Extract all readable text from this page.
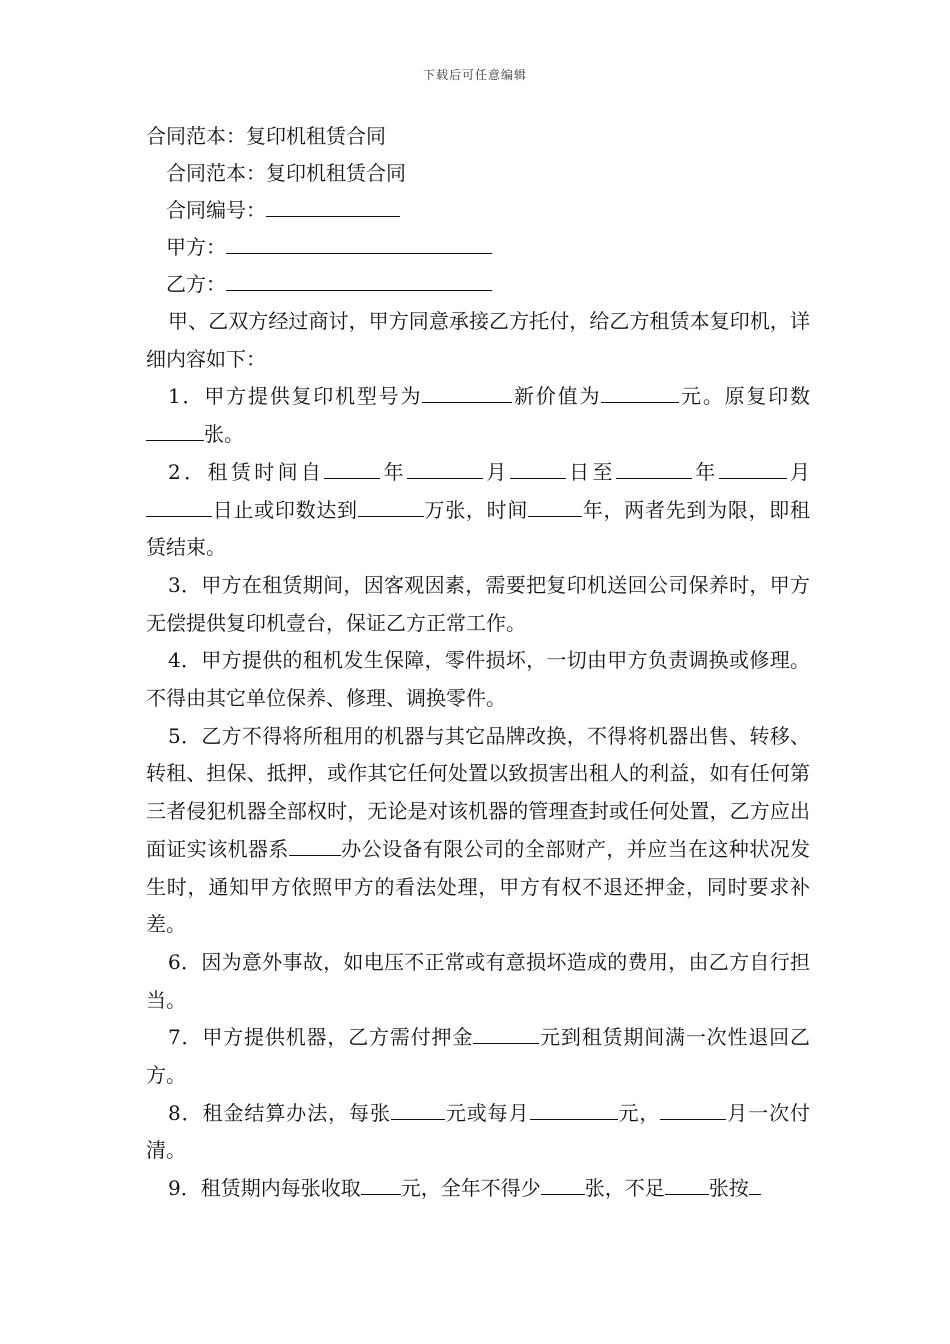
下载后可任意编辑

合同范本：复印机租赁合同

合同范本：复印机租赁合同

合同编号：

甲方：

乙方：

甲、乙双方经过商讨，甲方同意承接乙方托付，给乙方租赁本复印机，详细内容如下：

1．甲方提供复印机型号为	新价值为	元。原复印数张。

2．租赁时间自	年	月	日至	年	月日止或印数达到	万张，时间	年，两者先到为限，即租赁结束。

3．甲方在租赁期间，因客观因素，需要把复印机送回公司保养时，甲方无偿提供复印机壹台，保证乙方正常工作。

4．甲方提供的租机发生保障，零件损坏，一切由甲方负责调换或修理。不得由其它单位保养、修理、调换零件。

5．乙方不得将所租用的机器与其它品牌改换，不得将机器出售、转移、转租、担保、抵押，或作其它任何处置以致损害出租人的利益，如有任何第三者侵犯机器全部权时，无论是对该机器的管理查封或任何处置，乙方应出面证实该机器系	办公设备有限公司的全部财产，并应当在这种状况发生时，通知甲方依照甲方的看法处理，甲方有权不退还押金，同时要求补差。

6．因为意外事故，如电压不正常或有意损坏造成的费用，由乙方自行担当。

7．甲方提供机器，乙方需付押金	元到租赁期间满一次性退回乙方。

8．租金结算办法，每张	元或每月	元，	月一次付清。

9．租赁期内每张收取 元，全年不得少 张，不足 张按
